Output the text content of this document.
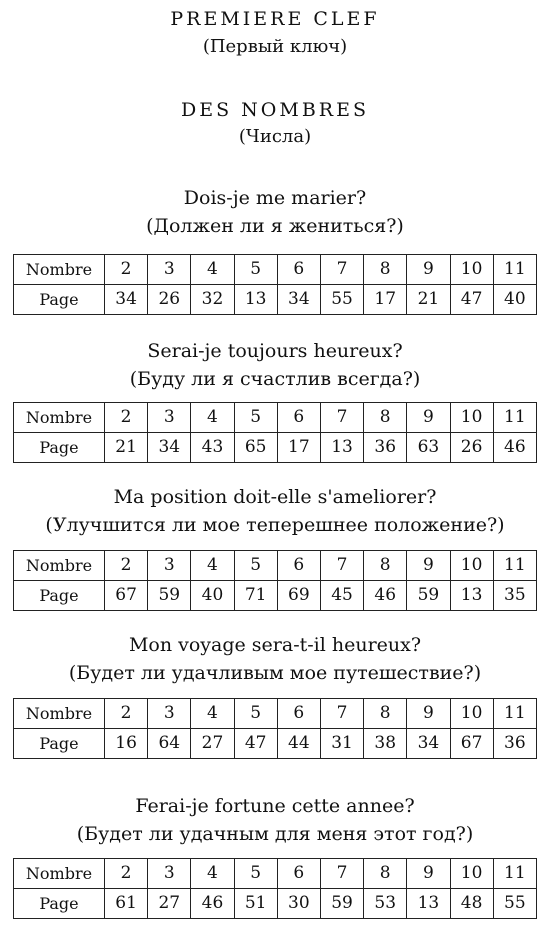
PREMIERE CLEF
(Первый ключ)
DES NOMBRES
(Числа)
Dois-je me marier?
(Должен ли я жениться?)
Nombre	2	3	4	5	6	7	8	9	10	11
Page	34	26	32	13	34	55	17	21	47	40
Serai-je toujours heureux?
(Буду ли я счастлив всегда?)
Nombre	2	3	4	5	6	7	8	9	10	11
Page	21	34	43	65	17	13	36	63	26	46
Ma position doit-elle s'ameliorer?
(Улучшится ли мое теперешнее положение?)
Nombre	2	3	4	5	6	7	8	9	10	11
Page	67	59	40	71	69	45	46	59	13	35
Mon voyage sera-t-il heureux?
(Будет ли удачливым мое путешествие?)
Nombre	2	3	4	5	6	7	8	9	10	11
Page	16	64	27	47	44	31	38	34	67	36
Ferai-je fortune cette annee?
(Будет ли удачным для меня этот год?)
Nombre	2	3	4	5	6	7	8	9	10	11
Page	61	27	46	51	30	59	53	13	48	55
